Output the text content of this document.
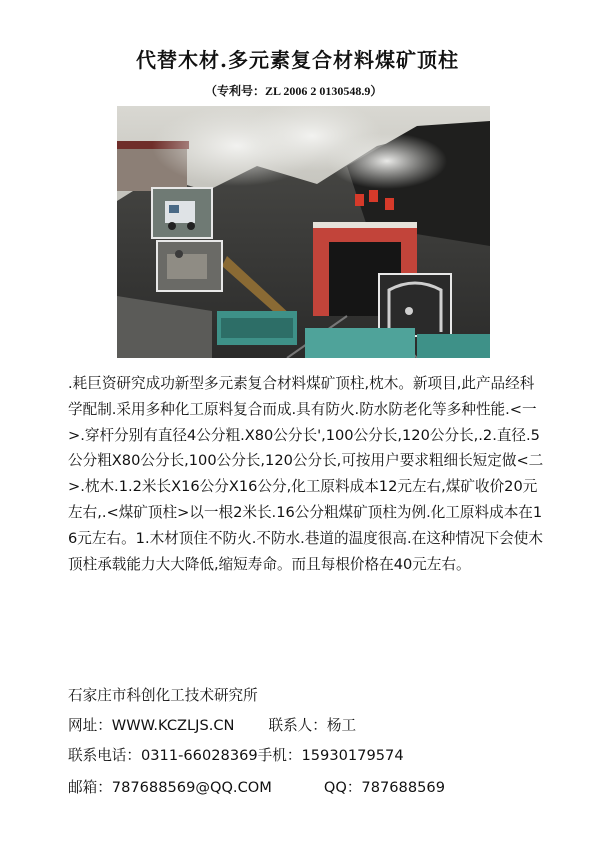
代替木材.多元素复合材料煤矿顶柱
（专利号：ZL 2006 2 0130548.9）

.耗巨资研究成功新型多元素复合材料煤矿顶柱,枕木。新项目,此产品经科学配制.采用多种化工原料复合而成.具有防火.防水防老化等多种性能.<一>.穿杆分别有直径4公分粗.X80公分长',100公分长,120公分长,.2.直径.5公分粗X80公分长,100公分长,120公分长,可按用户要求粗细长短定做<二>.枕木.1.2米长X16公分X16公分,化工原料成本12元左右,煤矿收价20元左右,.<煤矿顶柱>以一根2米长.16公分粗煤矿顶柱为例.化工原料成本在16元左右。1.木材顶住不防火.不防水.巷道的温度很高.在这种情况下会使木顶柱承载能力大大降低,缩短寿命。而且每根价格在40元左右。

石家庄市科创化工技术研究所
网址：WWW.KCZLJS.CN 联系人：杨工
联系电话：0311-66028369手机：15930179574
邮箱：787688569@QQ.COM	QQ：787688569
